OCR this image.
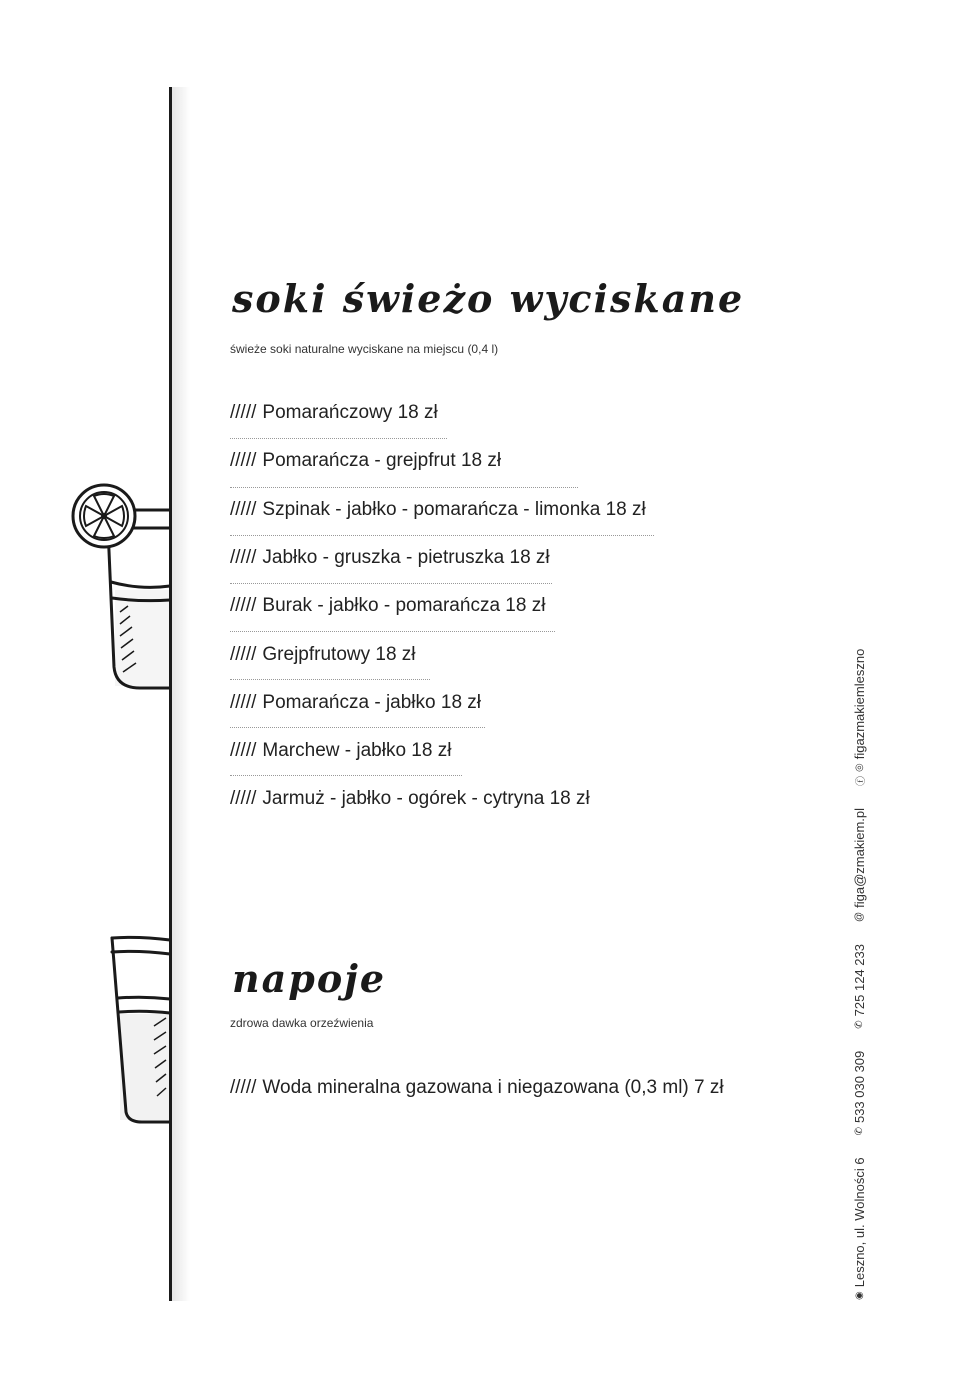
soki świeżo wyciskane

świeże soki naturalne wyciskane na miejscu (0,4 l)

///// Pomarańczowy 18 zł
///// Pomarańcza - grejpfrut 18 zł
///// Szpinak - jabłko - pomarańcza - limonka 18 zł
///// Jabłko - gruszka - pietruszka 18 zł
///// Burak - jabłko - pomarańcza 18 zł
///// Grejpfrutowy 18 zł
///// Pomarańcza - jabłko 18 zł
///// Marchew - jabłko 18 zł
///// Jarmuż - jabłko - ogórek - cytryna 18 zł
napoje

zdrowa dawka orzeźwienia

///// Woda mineralna gazowana i niegazowana (0,3 ml) 7 zł
◉
Leszno, ul. Wolności 6
✆
533 030 309
✆
725 124 233
@
figa@zmakiem.pl
ⓕ
◎
figazmakiemleszno
